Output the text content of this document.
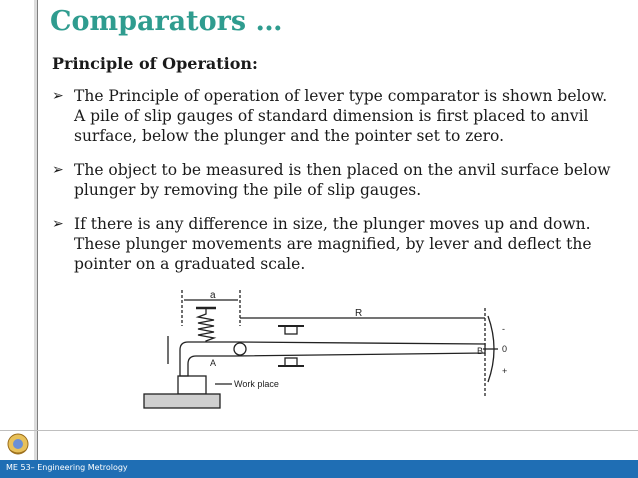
Comparators …
Principle of Operation:
➢ The Principle of operation of lever type comparator is shown below. A pile of slip gauges of standard dimension is first placed to anvil surface, below the plunger and the pointer set to zero.
➢ The object to be measured is then placed on the anvil surface below plunger by removing the pile of slip gauges.
➢ If there is any difference in size, the plunger moves up and down. These plunger movements are magnified, by lever and deflect the pointer on a graduated scale.
a
R
A
B 0
-
+
Work place
ME 53– Engineering Metrology
